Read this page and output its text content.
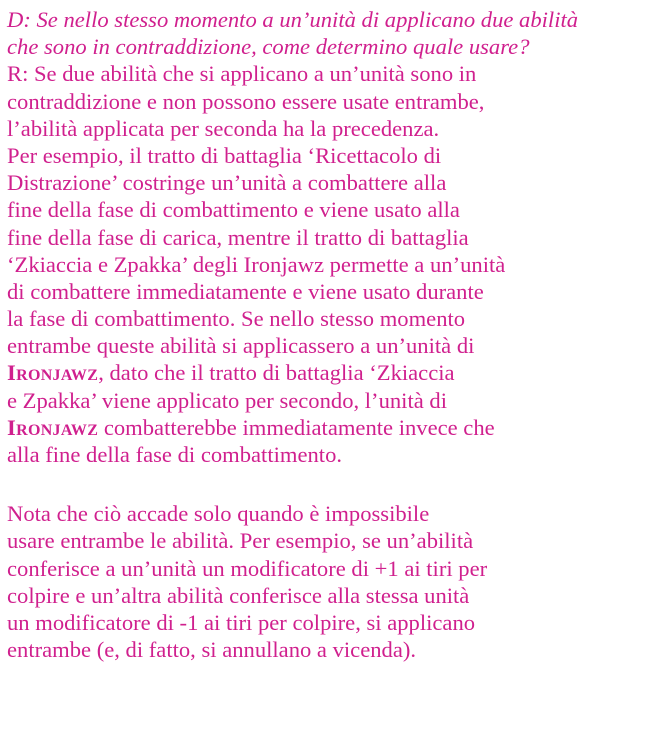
D: Se nello stesso momento a un’unità di applicano due abilità
che sono in contraddizione, come determino quale usare?
R: Se due abilità che si applicano a un’unità sono in
contraddizione e non possono essere usate entrambe,
l’abilità applicata per seconda ha la precedenza.
Per esempio, il tratto di battaglia ‘Ricettacolo di
Distrazione’ costringe un’unità a combattere alla
fine della fase di combattimento e viene usato alla
fine della fase di carica, mentre il tratto di battaglia
‘Zkiaccia e Zpakka’ degli Ironjawz permette a un’unità
di combattere immediatamente e viene usato durante
la fase di combattimento. Se nello stesso momento
entrambe queste abilità si applicassero a un’unità di
Ironjawz, dato che il tratto di battaglia ‘Zkiaccia
e Zpakka’ viene applicato per secondo, l’unità di
Ironjawz combatterebbe immediatamente invece che
alla fine della fase di combattimento.
Nota che ciò accade solo quando è impossibile
usare entrambe le abilità. Per esempio, se un’abilità
conferisce a un’unità un modificatore di +1 ai tiri per
colpire e un’altra abilità conferisce alla stessa unità
un modificatore di -1 ai tiri per colpire, si applicano
entrambe (e, di fatto, si annullano a vicenda).
